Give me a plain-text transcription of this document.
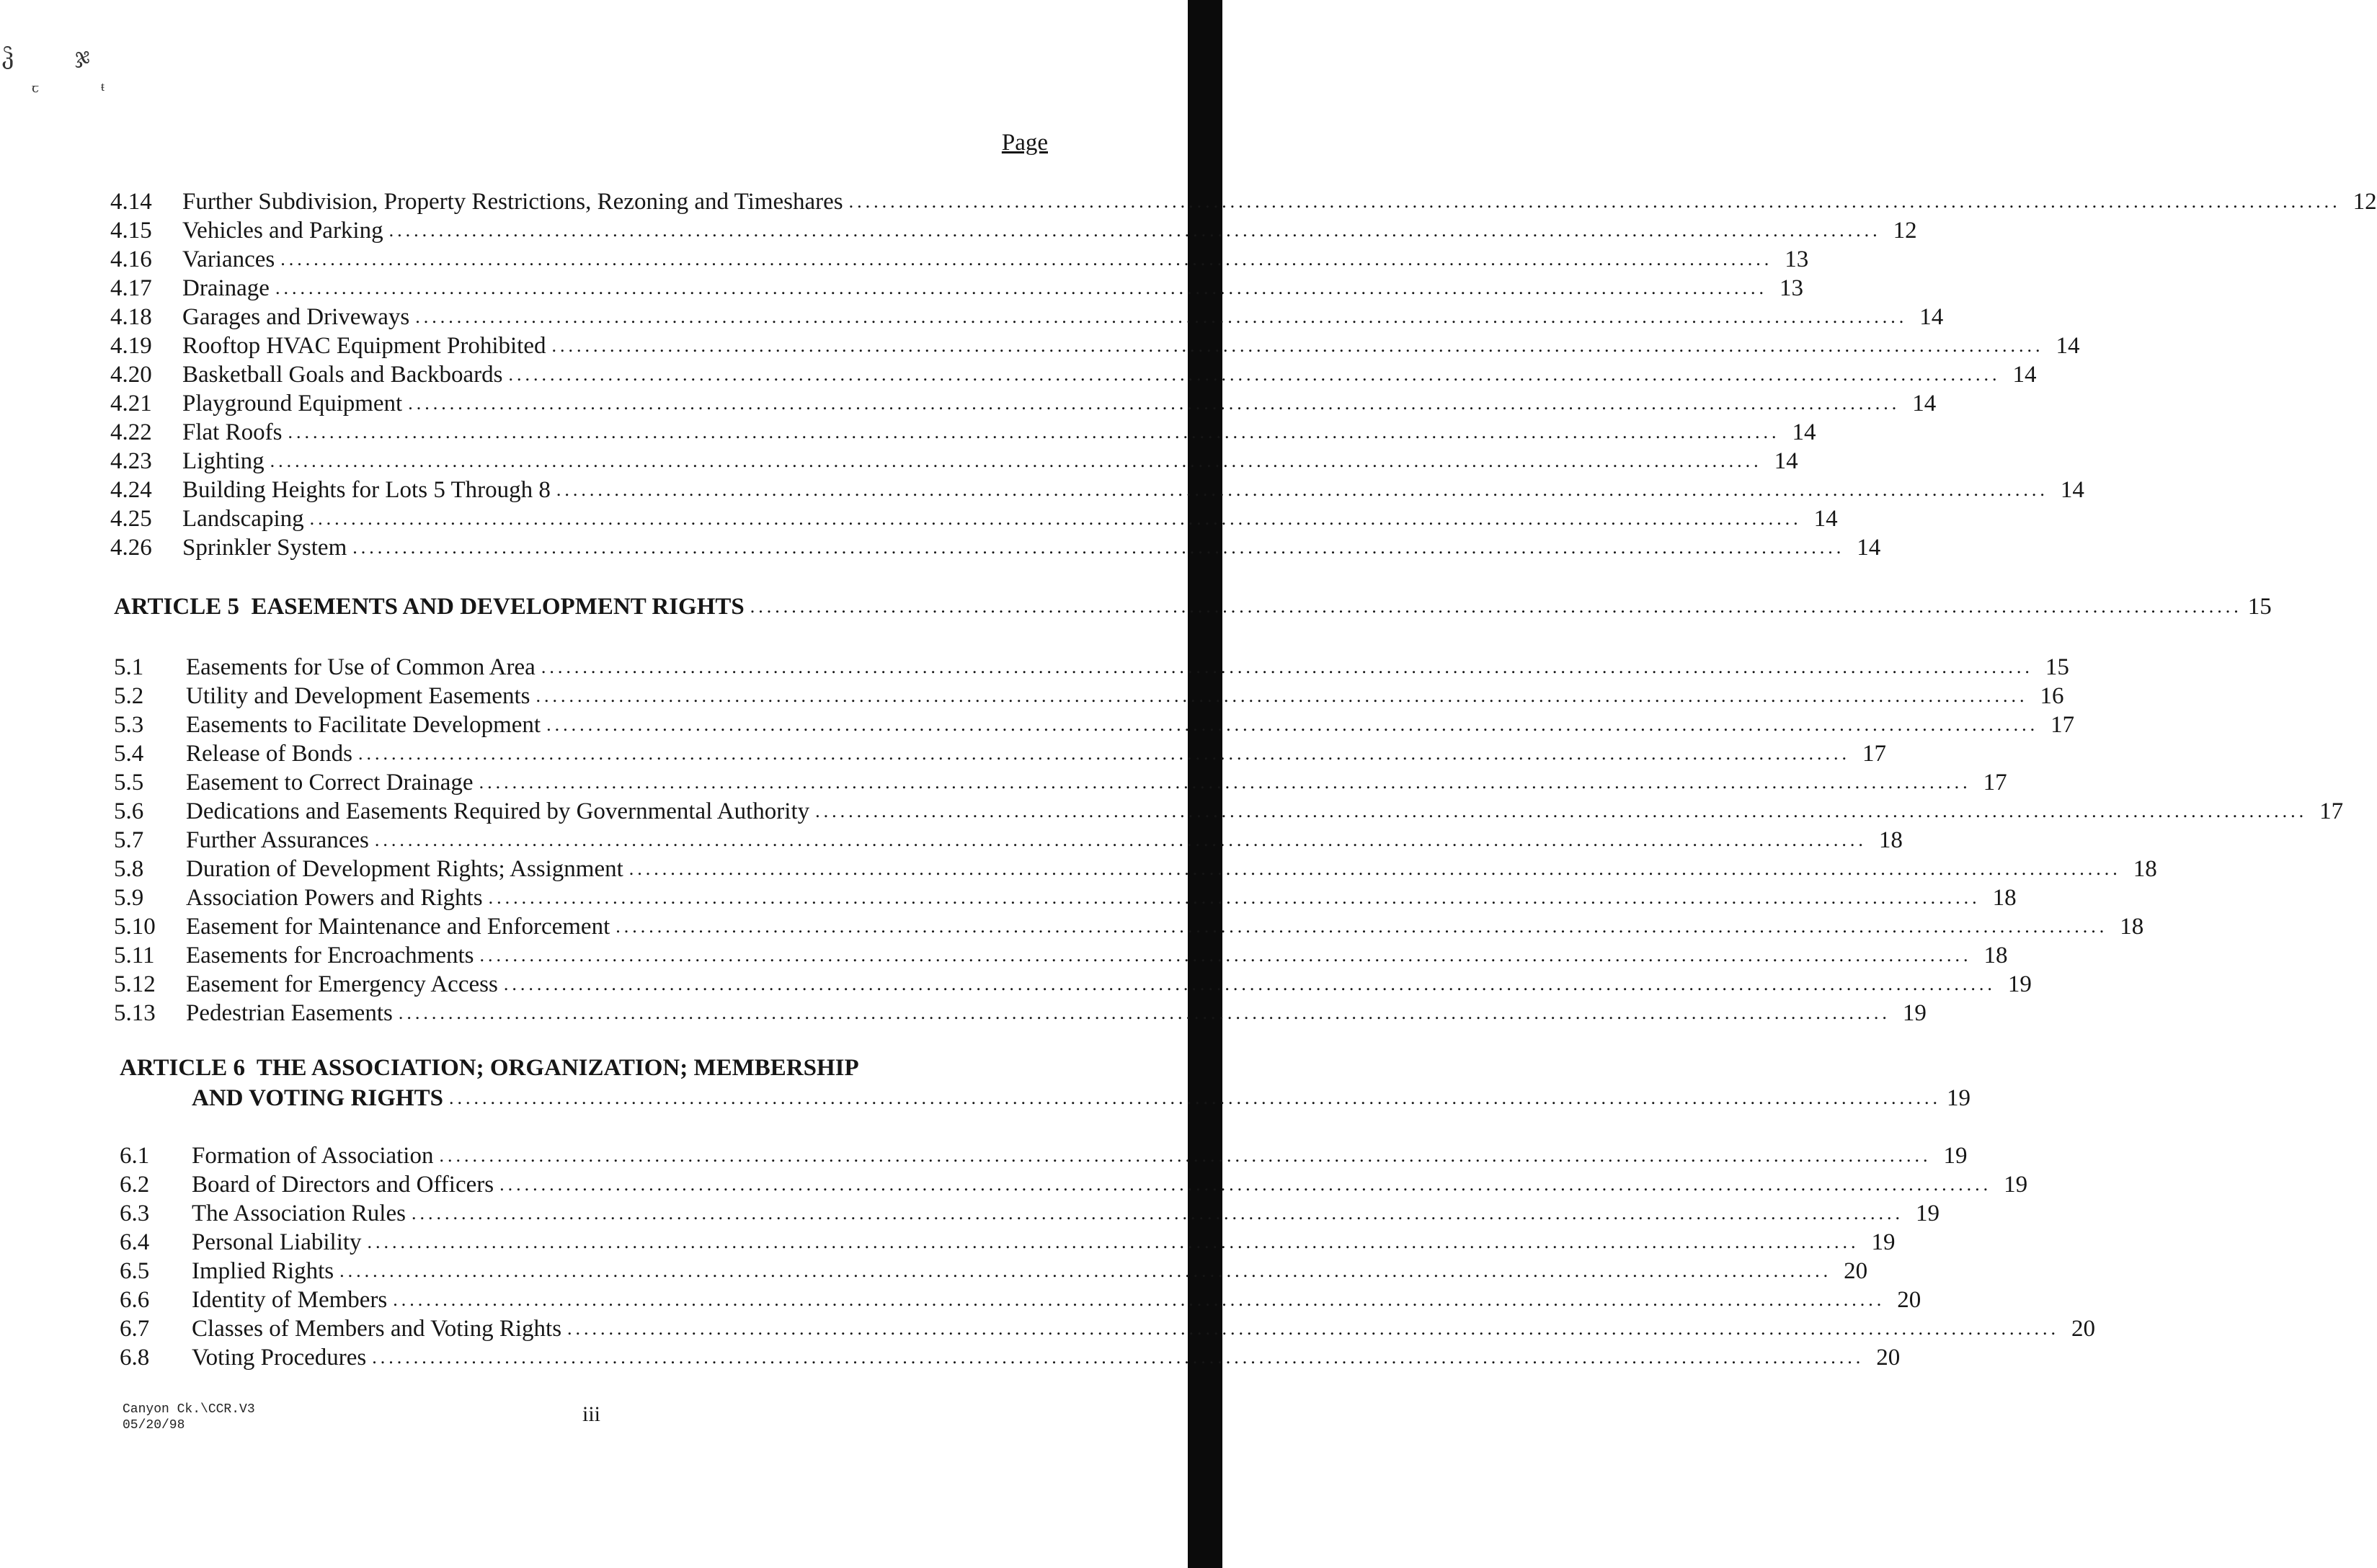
ჴ	ჯ
ꞇ	ŧ
Page
4.14	Further Subdivision, Property Restrictions, Rezoning and Timeshares .................................................................................................................................................................................... 12
4.15	Vehicles and Parking .................................................................................................................................................................................... 12
4.16	Variances .................................................................................................................................................................................... 13
4.17	Drainage .................................................................................................................................................................................... 13
4.18	Garages and Driveways .................................................................................................................................................................................... 14
4.19	Rooftop HVAC Equipment Prohibited .................................................................................................................................................................................... 14
4.20	Basketball Goals and Backboards .................................................................................................................................................................................... 14
4.21	Playground Equipment .................................................................................................................................................................................... 14
4.22	Flat Roofs .................................................................................................................................................................................... 14
4.23	Lighting .................................................................................................................................................................................... 14
4.24	Building Heights for Lots 5 Through 8 .................................................................................................................................................................................... 14
4.25	Landscaping .................................................................................................................................................................................... 14
4.26	Sprinkler System .................................................................................................................................................................................... 14
ARTICLE 5  EASEMENTS AND DEVELOPMENT RIGHTS .................................................................................................................................................................................... 15
5.1	Easements for Use of Common Area .................................................................................................................................................................................... 15
5.2	Utility and Development Easements .................................................................................................................................................................................... 16
5.3	Easements to Facilitate Development .................................................................................................................................................................................... 17
5.4	Release of Bonds .................................................................................................................................................................................... 17
5.5	Easement to Correct Drainage .................................................................................................................................................................................... 17
5.6	Dedications and Easements Required by Governmental Authority .................................................................................................................................................................................... 17
5.7	Further Assurances .................................................................................................................................................................................... 18
5.8	Duration of Development Rights; Assignment .................................................................................................................................................................................... 18
5.9	Association Powers and Rights .................................................................................................................................................................................... 18
5.10	Easement for Maintenance and Enforcement .................................................................................................................................................................................... 18
5.11	Easements for Encroachments .................................................................................................................................................................................... 18
5.12	Easement for Emergency Access .................................................................................................................................................................................... 19
5.13	Pedestrian Easements .................................................................................................................................................................................... 19
ARTICLE 6  THE ASSOCIATION; ORGANIZATION; MEMBERSHIP
AND VOTING RIGHTS .................................................................................................................................................................................... 19
6.1	Formation of Association .................................................................................................................................................................................... 19
6.2	Board of Directors and Officers .................................................................................................................................................................................... 19
6.3	The Association Rules .................................................................................................................................................................................... 19
6.4	Personal Liability .................................................................................................................................................................................... 19
6.5	Implied Rights .................................................................................................................................................................................... 20
6.6	Identity of Members .................................................................................................................................................................................... 20
6.7	Classes of Members and Voting Rights .................................................................................................................................................................................... 20
6.8	Voting Procedures .................................................................................................................................................................................... 20
Canyon Ck.\CCR.V3
05/20/98	iii
